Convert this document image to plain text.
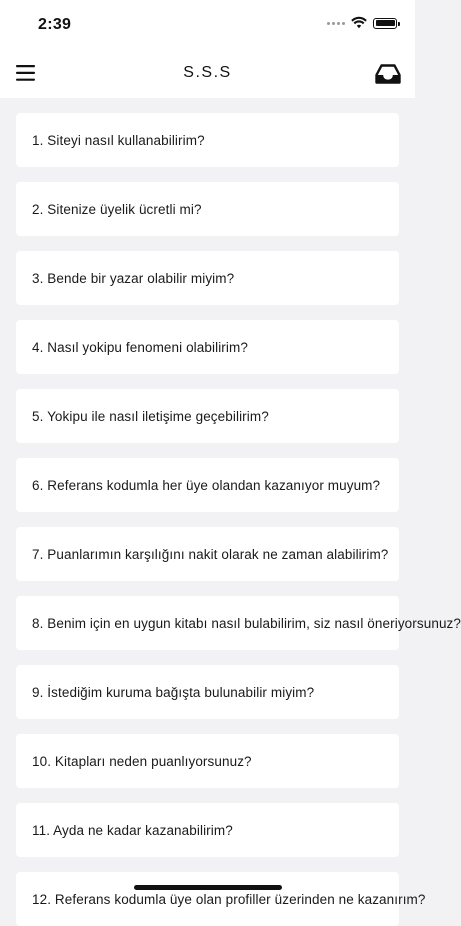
2:39
S.S.S
1. Siteyi nasıl kullanabilirim?
2. Sitenize üyelik ücretli mi?
3. Bende bir yazar olabilir miyim?
4. Nasıl yokipu fenomeni olabilirim?
5. Yokipu ile nasıl iletişime geçebilirim?
6. Referans kodumla her üye olandan kazanıyor muyum?
7. Puanlarımın karşılığını nakit olarak ne zaman alabilirim?
8. Benim için en uygun kitabı nasıl bulabilirim, siz nasıl öneriyorsunuz?
9. İstediğim kuruma bağışta bulunabilir miyim?
10. Kitapları neden puanlıyorsunuz?
11. Ayda ne kadar kazanabilirim?
12. Referans kodumla üye olan profiller üzerinden ne kazanırım?
